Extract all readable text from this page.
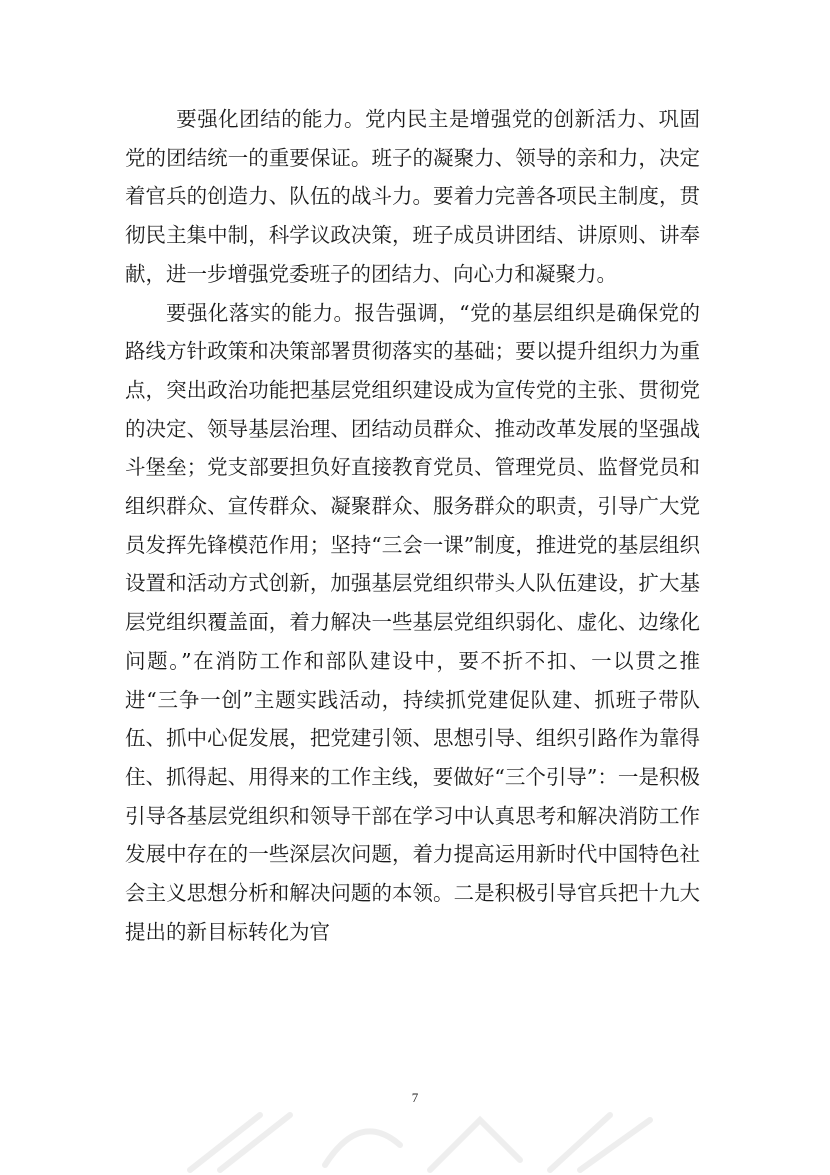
要强化团结的能力。党内民主是增强党的创新活力、巩固党的团结统一的重要保证。班子的凝聚力、领导的亲和力，决定着官兵的创造力、队伍的战斗力。要着力完善各项民主制度，贯彻民主集中制，科学议政决策，班子成员讲团结、讲原则、讲奉献，进一步增强党委班子的团结力、向心力和凝聚力。

要强化落实的能力。报告强调，“党的基层组织是确保党的路线方针政策和决策部署贯彻落实的基础；要以提升组织力为重点，突出政治功能把基层党组织建设成为宣传党的主张、贯彻党的决定、领导基层治理、团结动员群众、推动改革发展的坚强战斗堡垒；党支部要担负好直接教育党员、管理党员、监督党员和组织群众、宣传群众、凝聚群众、服务群众的职责，引导广大党员发挥先锋模范作用；坚持“三会一课”制度，推进党的基层组织设置和活动方式创新，加强基层党组织带头人队伍建设，扩大基层党组织覆盖面，着力解决一些基层党组织弱化、虚化、边缘化问题。”在消防工作和部队建设中，要不折不扣、一以贯之推进“三争一创”主题实践活动，持续抓党建促队建、抓班子带队伍、抓中心促发展，把党建引领、思想引导、组织引路作为靠得住、抓得起、用得来的工作主线，要做好“三个引导”：一是积极引导各基层党组织和领导干部在学习中认真思考和解决消防工作发展中存在的一些深层次问题，着力提高运用新时代中国特色社会主义思想分析和解决问题的本领。二是积极引导官兵把十九大提出的新目标转化为官

7
